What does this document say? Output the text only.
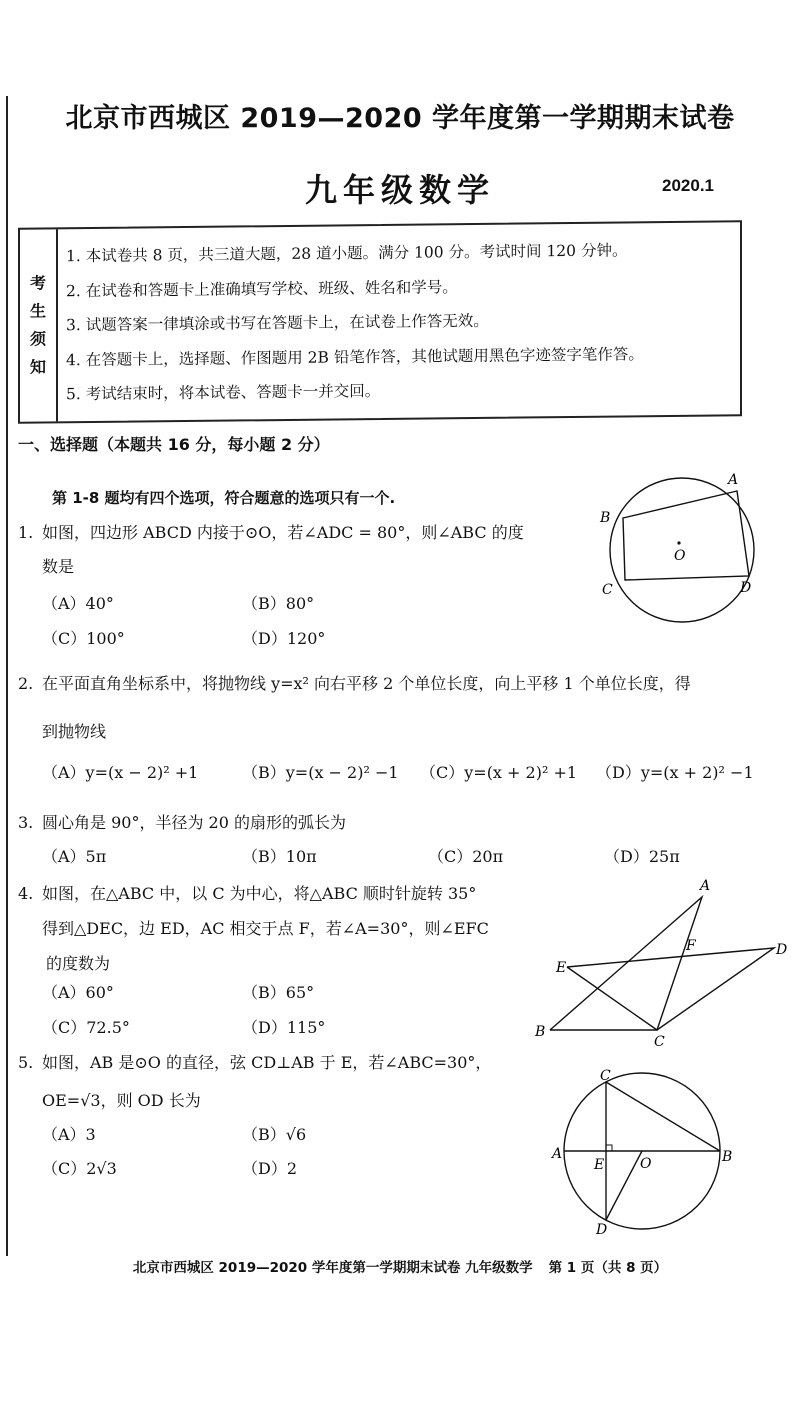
北京市西城区 2019—2020 学年度第一学期期末试卷
九年级数学	2020.1
考
生
须
知
1. 本试卷共 8 页，共三道大题，28 道小题。满分 100 分。考试时间 120 分钟。
2. 在试卷和答题卡上准确填写学校、班级、姓名和学号。
3. 试题答案一律填涂或书写在答题卡上，在试卷上作答无效。
4. 在答题卡上，选择题、作图题用 2B 铅笔作答，其他试题用黑色字迹签字笔作答。
5. 考试结束时，将本试卷、答题卡一并交回。
一、选择题（本题共 16 分，每小题 2 分）
第 1-8 题均有四个选项，符合题意的选项只有一个.
1. 如图，四边形 ABCD 内接于⊙O，若∠ADC = 80°，则∠ABC 的度
数是
（A）40°	（B）80°
（C）100°	（D）120°
A
B
C	D
O
2. 在平面直角坐标系中，将抛物线 y=x² 向右平移 2 个单位长度，向上平移 1 个单位长度，得
到抛物线
（A）y=(x − 2)² +1	（B）y=(x − 2)² −1 （C）y=(x + 2)² +1 （D）y=(x + 2)² −1
3. 圆心角是 90°，半径为 20 的扇形的弧长为
（A）5π	（B）10π	（C）20π	（D）25π
4. 如图，在△ABC 中，以 C 为中心，将△ABC 顺时针旋转 35°
得到△DEC，边 ED，AC 相交于点 F，若∠A=30°，则∠EFC
的度数为
（A）60°	（B）65°
（C）72.5°	（D）115°
A
B
C
D
E
F
5. 如图，AB 是⊙O 的直径，弦 CD⊥AB 于 E，若∠ABC=30°，
OE=√3，则 OD 长为
（A）3	（B）√6
（C）2√3	（D）2
C
A
E	O	B
D
北京市西城区 2019—2020 学年度第一学期期末试卷 九年级数学 第 1 页（共 8 页）
